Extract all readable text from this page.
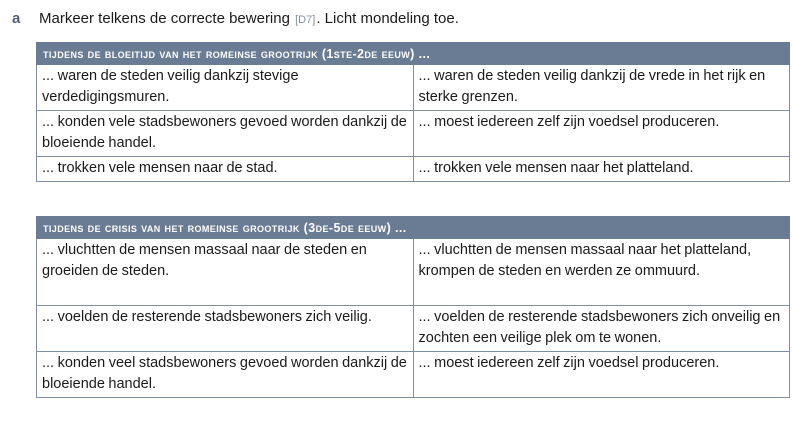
a	Markeer telkens de correcte bewering [D7]. Licht mondeling toe.
tijdens de bloeitijd van het romeinse grootrijk (1ste-2de eeuw) ...	
... waren de steden veilig dankzij stevige verdedigingsmuren.	... waren de steden veilig dankzij de vrede in het rijk en sterke grenzen.
... konden vele stadsbewoners gevoed worden dankzij de bloeiende handel.	... moest iedereen zelf zijn voedsel produceren.
... trokken vele mensen naar de stad.	... trokken vele mensen naar het platteland.
tijdens de crisis van het romeinse grootrijk (3de-5de eeuw) ...	
... vluchtten de mensen massaal naar de steden en groeiden de steden.	... vluchtten de mensen massaal naar het platteland, krompen de steden en werden ze ommuurd.
... voelden de resterende stadsbewoners zich veilig.	... voelden de resterende stadsbewoners zich onveilig en zochten een veilige plek om te wonen.
... konden veel stadsbewoners gevoed worden dankzij de bloeiende handel.	... moest iedereen zelf zijn voedsel produceren.
